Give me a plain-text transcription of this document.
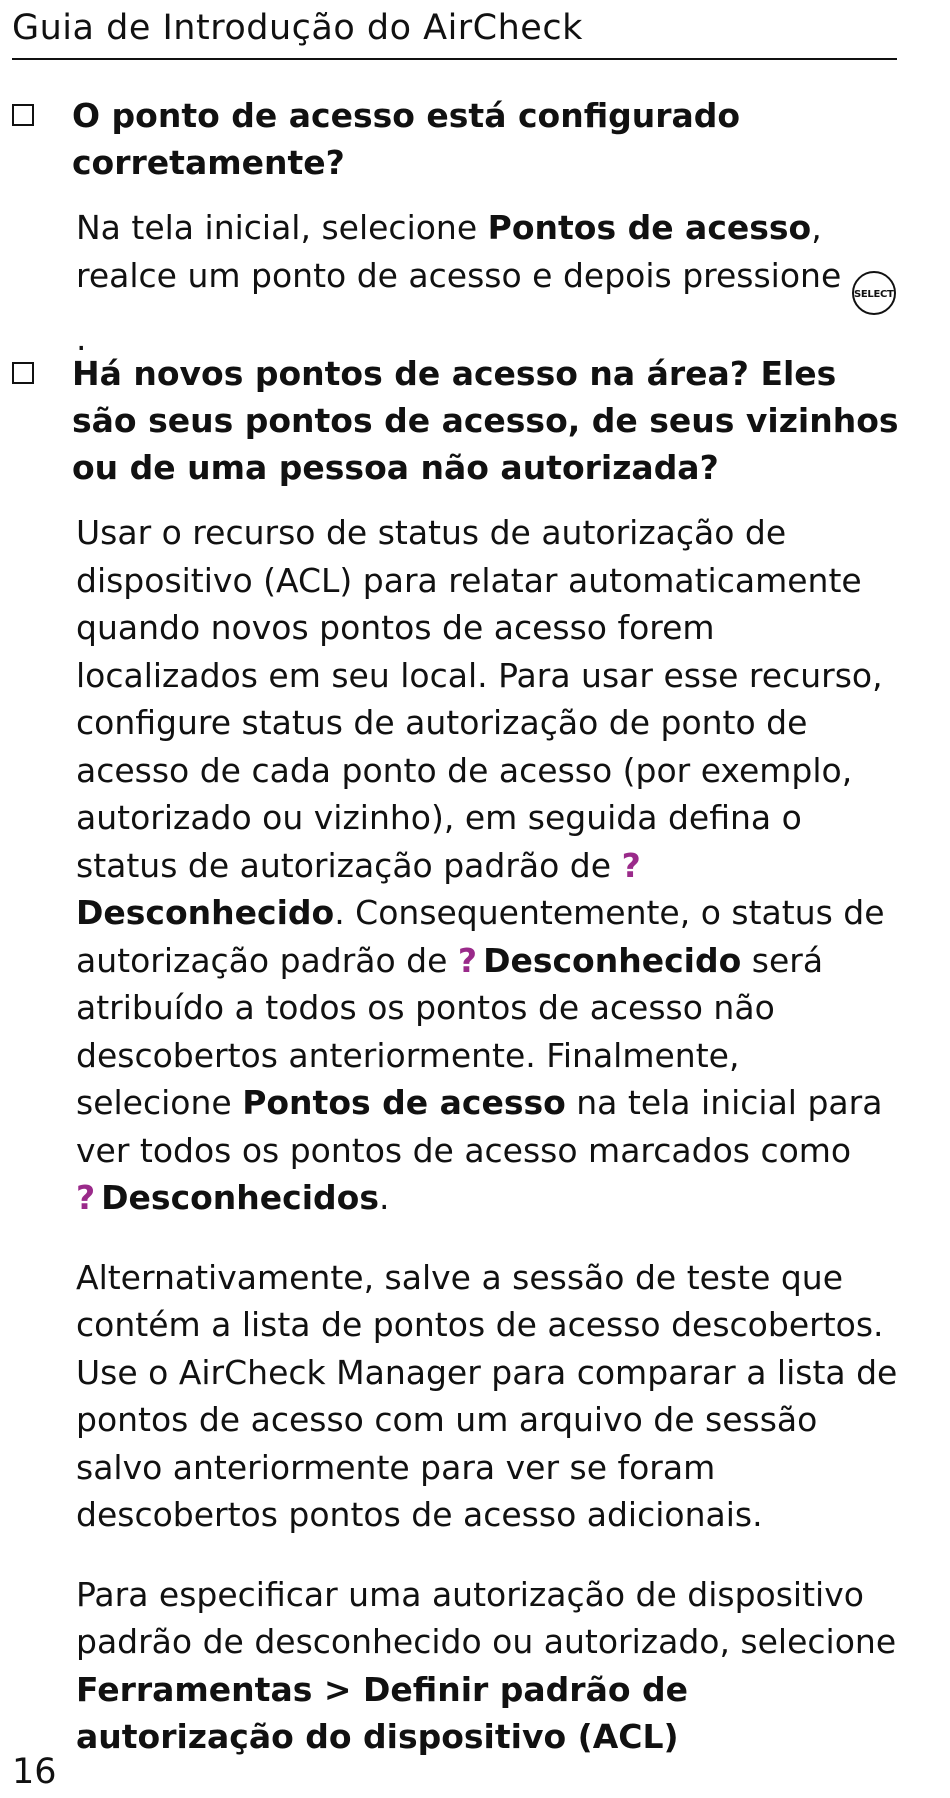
Guia de Introdução do AirCheck
O ponto de acesso está configurado corretamente?

Na tela inicial, selecione Pontos de acesso, realce um ponto de acesso e depois pressione SELECT.

Há novos pontos de acesso na área? Eles são seus pontos de acesso, de seus vizinhos ou de uma pessoa não autorizada?

Usar o recurso de status de autorização de dispositivo (ACL) para relatar automaticamente quando novos pontos de acesso forem localizados em seu local. Para usar esse recurso, configure status de autorização de ponto de acesso de cada ponto de acesso (por exemplo, autorizado ou vizinho), em seguida defina o status de autorização padrão de ?Desconhecido. Consequentemente, o status de autorização padrão de ? Desconhecido será atribuído a todos os pontos de acesso não descobertos anteriormente. Finalmente, selecione Pontos de acesso na tela inicial para ver todos os pontos de acesso marcados como
? Desconhecidos.

Alternativamente, salve a sessão de teste que contém a lista de pontos de acesso descobertos. Use o AirCheck Manager para comparar a lista de pontos de acesso com um arquivo de sessão salvo anteriormente para ver se foram descobertos pontos de acesso adicionais.

Para especificar uma autorização de dispositivo padrão de desconhecido ou autorizado, selecione Ferramentas > Definir padrão de autorização do dispositivo (ACL)

16
